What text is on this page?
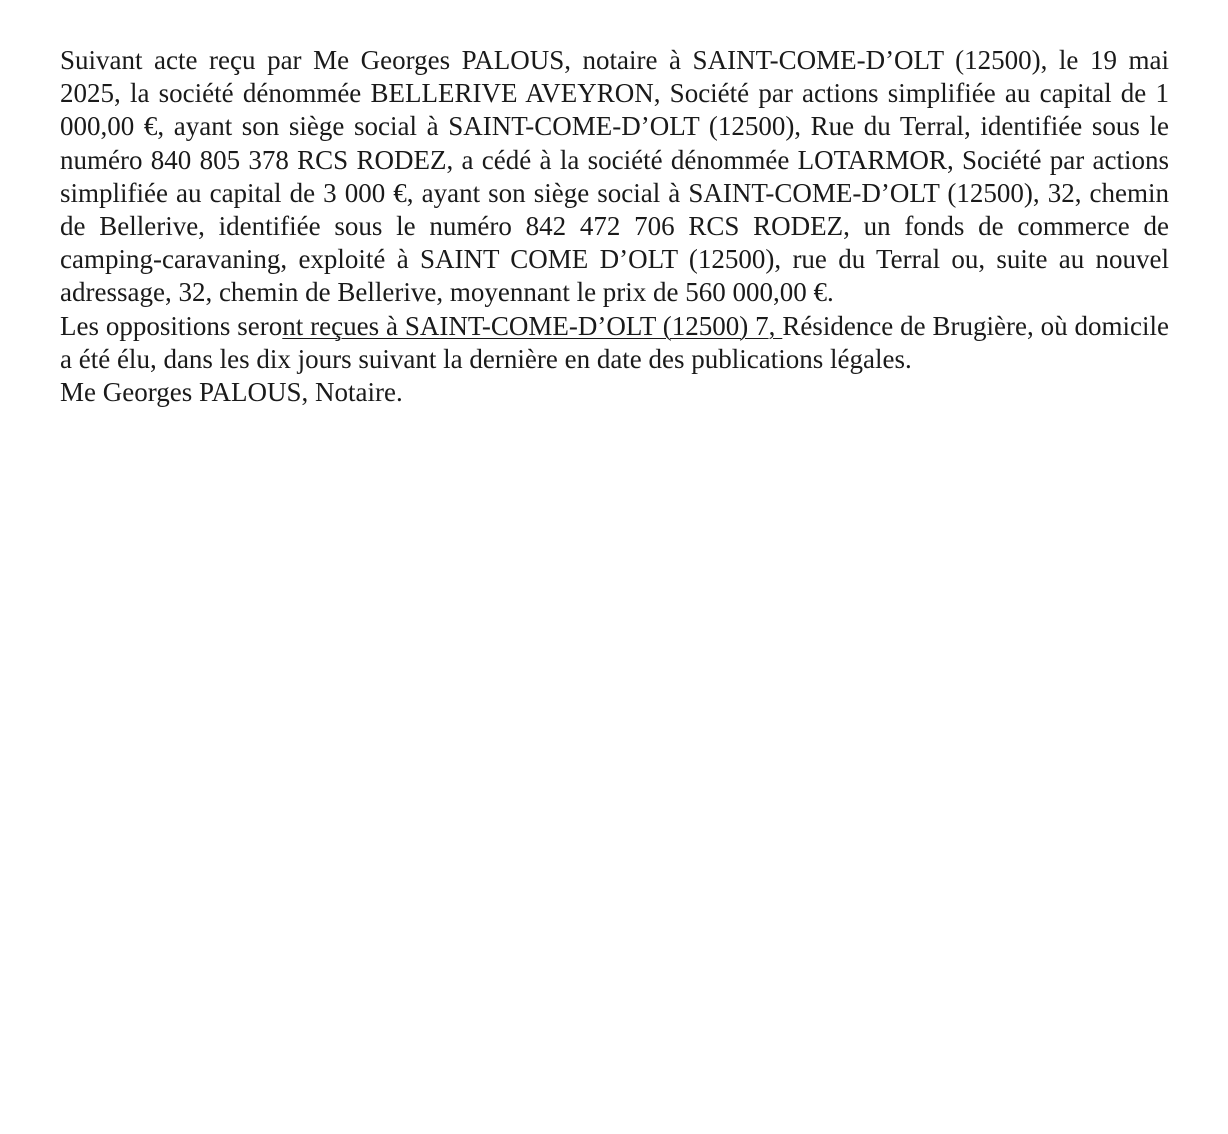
Suivant acte reçu par Me Georges PALOUS, notaire à SAINT-COME-D’OLT (12500), le 19 mai 2025, la société dénommée BELLERIVE AVEYRON, Société par actions simplifiée au capital de 1 000,00 €, ayant son siège social à SAINT-COME-D’OLT (12500), Rue du Terral, identifiée sous le numéro 840 805 378 RCS RODEZ, a cédé à la société dénommée LOTARMOR, Société par actions simplifiée au capital de 3 000 €, ayant son siège social à SAINT-COME-D’OLT (12500), 32, chemin de Bellerive, identifiée sous le numéro 842 472 706 RCS RODEZ, un fonds de commerce de camping-caravaning, exploité à SAINT COME D’OLT (12500), rue du Terral ou, suite au nouvel adressage, 32, chemin de Bellerive, moyennant le prix de 560 000,00 €.

Les oppositions seront reçues à SAINT-COME-D’OLT (12500) 7, Résidence de Brugière, où domicile a été élu, dans les dix jours suivant la dernière en date des publications légales.

Me Georges PALOUS, Notaire.
